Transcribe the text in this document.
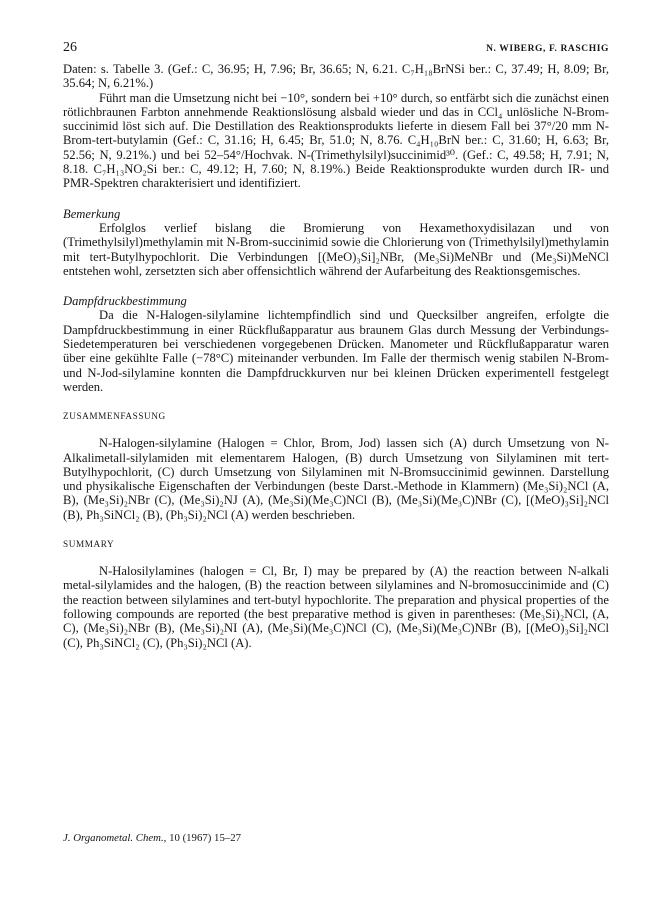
26	N. WIBERG, F. RASCHIG

Daten: s. Tabelle 3. (Gef.: C, 36.95; H, 7.96; Br, 36.65; N, 6.21. C₇H₁₈BrNSi ber.: C, 37.49; H, 8.09; Br, 35.64; N, 6.21%.)

Führt man die Umsetzung nicht bei −10°, sondern bei +10° durch, so entfärbt sich die zunächst einen rötlichbraunen Farbton annehmende Reaktionslösung alsbald wieder und das in CCl₄ unlösliche N-Brom-succinimid löst sich auf. Die Destillation des Reaktionsprodukts lieferte in diesem Fall bei 37°/20 mm N-Brom-tert-butylamin (Gef.: C, 31.16; H, 6.45; Br, 51.0; N, 8.76. C₄H₁₀BrN ber.: C, 31.60; H, 6.63; Br, 52.56; N, 9.21%.) und bei 52–54°/Hochvak. N-(Trimethylsilyl)succinimid³⁰. (Gef.: C, 49.58; H, 7.91; N, 8.18. C₇H₁₃NO₂Si ber.: C, 49.12; H, 7.60; N, 8.19%.) Beide Reaktionsprodukte wurden durch IR- und PMR-Spektren charakterisiert und identifiziert.

Bemerkung

Erfolglos verlief bislang die Bromierung von Hexamethoxydisilazan und von (Trimethylsilyl)methylamin mit N-Brom-succinimid sowie die Chlorierung von (Trimethylsilyl)methylamin mit tert-Butylhypochlorit. Die Verbindungen [(MeO)₃Si]₂NBr, (Me₃Si)MeNBr und (Me₃Si)MeNCl entstehen wohl, zersetzten sich aber offensichtlich während der Aufarbeitung des Reaktionsgemisches.

Dampfdruckbestimmung

Da die N-Halogen-silylamine lichtempfindlich sind und Quecksilber angreifen, erfolgte die Dampfdruckbestimmung in einer Rückflußapparatur aus braunem Glas durch Messung der Verbindungs-Siedetemperaturen bei verschiedenen vorgegebenen Drücken. Manometer und Rückflußapparatur waren über eine gekühlte Falle (−78°C) miteinander verbunden. Im Falle der thermisch wenig stabilen N-Brom- und N-Jod-silylamine konnten die Dampfdruckkurven nur bei kleinen Drücken experimentell festgelegt werden.

ZUSAMMENFASSUNG

N-Halogen-silylamine (Halogen = Chlor, Brom, Jod) lassen sich (A) durch Umsetzung von N-Alkalimetall-silylamiden mit elementarem Halogen, (B) durch Umsetzung von Silylaminen mit tert-Butylhypochlorit, (C) durch Umsetzung von Silylaminen mit N-Bromsuccinimid gewinnen. Darstellung und physikalische Eigenschaften der Verbindungen (beste Darst.-Methode in Klammern) (Me₃Si)₂NCl (A, B), (Me₃Si)₂NBr (C), (Me₃Si)₂NJ (A), (Me₃Si)(Me₃C)NCl (B), (Me₃Si)(Me₃C)NBr (C), [(MeO)₃Si]₂NCl (B), Ph₃SiNCl₂ (B), (Ph₃Si)₂NCl (A) werden beschrieben.

SUMMARY

N-Halosilylamines (halogen = Cl, Br, I) may be prepared by (A) the reaction between N-alkali metal-silylamides and the halogen, (B) the reaction between silylamines and N-bromosuccinimide and (C) the reaction between silylamines and tert-butyl hypochlorite. The preparation and physical properties of the following compounds are reported (the best preparative method is given in parentheses: (Me₃Si)₂NCl, (A, C), (Me₃Si)₂NBr (B), (Me₃Si)₂NI (A), (Me₃Si)(Me₃C)NCl (C), (Me₃Si)(Me₃C)NBr (B), [(MeO)₃Si]₂NCl (C), Ph₃SiNCl₂ (C), (Ph₃Si)₂NCl (A).

J. Organometal. Chem., 10 (1967) 15–27
